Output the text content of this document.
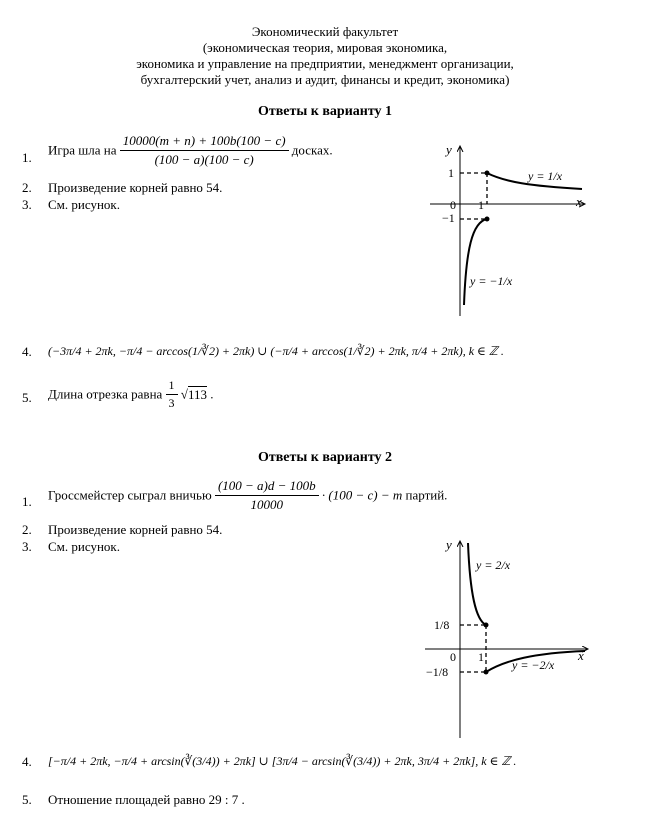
Экономический факультет
(экономическая теория, мировая экономика,
экономика и управление на предприятии, менеджмент организации,
бухгалтерский учет, анализ и аудит, финансы и кредит, экономика)
Ответы к варианту 1
1. Игра шла на $\frac{10000(m + n) + 100b(100 - c)}{(100 - a)(100 - c)}$ досках.
2. Произведение корней равно 54.
3. См. рисунок.
y
x
1
−1
0 1
y = 1/x
y = −1/x
4. (−3π/4 + 2πk, −π/4 − arccos(1/∛2) + 2πk) ∪ (−π/4 + arccos(1/∛2) + 2πk, π/4 + 2πk), k ∈ ℤ .
5. Длина отрезка равна $\frac{1}{3} √113$ .
Ответы к варианту 2
1. Гроссмейстер сыграл вничью $\frac{(100 - a)d - 100b}{10000} \cdot (100 - c) - m$ партий.
2. Произведение корней равно 54.
3. См. рисунок.	y
x
1/8
−1/8
0 1
y = 2/x
y = −2/x
4. [−π/4 + 2πk, −π/4 + arcsin(∛(3/4)) + 2πk] ∪ [3π/4 − arcsin(∛(3/4)) + 2πk, 3π/4 + 2πk], k ∈ ℤ .
5. Отношение площадей равно 29 : 7 .
